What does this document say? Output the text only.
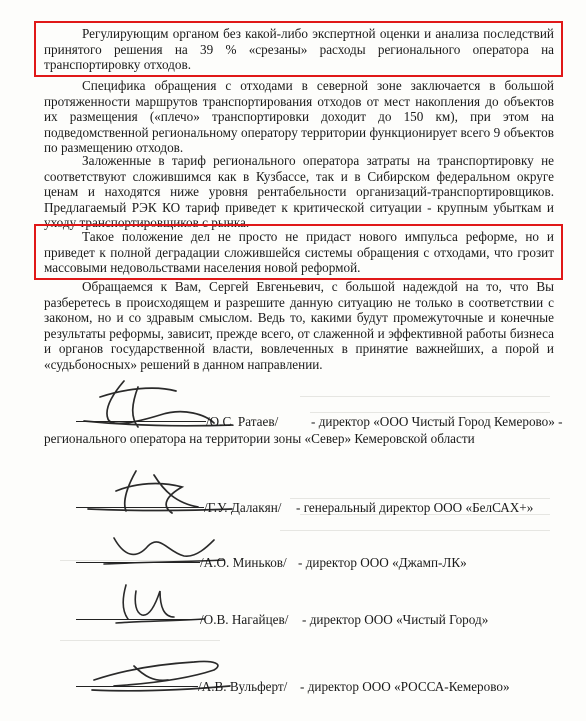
Регулирующим органом без какой-либо экспертной оценки и анализа последствий принятого решения на 39 % «срезаны» расходы регионального оператора на транспортировку отходов.

Специфика обращения с отходами в северной зоне заключается в большой протяженности маршрутов транспортирования отходов от мест накопления до объектов их размещения («плечо» транспортировки доходит до 150 км), при этом на подведомственной региональному оператору территории функционирует всего 9 объектов по размещению отходов.

Заложенные в тариф регионального оператора затраты на транспортировку не соответствуют сложившимся как в Кузбассе, так и в Сибирском федеральном округе ценам и находятся ниже уровня рентабельности организаций-транспортировщиков. Предлагаемый РЭК КО тариф приведет к критической ситуации - крупным убыткам и уходу транспортировщиков с рынка.

Такое положение дел не просто не придаст нового импульса реформе, но и приведет к полной деградации сложившейся системы обращения с отходами, что грозит массовыми недовольствами населения новой реформой.

Обращаемся к Вам, Сергей Евгеньевич, с большой надеждой на то, что Вы разберетесь в происходящем и разрешите данную ситуацию не только в соответствии с законом, но и со здравым смыслом. Ведь то, какими будут промежуточные и конечные результаты реформы, зависит, прежде всего, от слаженной и эффективной работы бизнеса и органов государственной власти, вовлеченных в принятие важнейших, а порой и «судьбоносных» решений в данном направлении.

/О.С. Ратаев/ - директор «ООО Чистый Город Кемерово» -
регионального оператора на территории зоны «Север» Кемеровской области
/Г.У. Далакян/ - генеральный директор ООО «БелСАХ+»
/А.О. Миньков/ - директор ООО «Джамп-ЛК»
/О.В. Нагайцев/ - директор ООО «Чистый Город»
/А.В. Вульферт/ - директор ООО «РОССА-Кемерово»
